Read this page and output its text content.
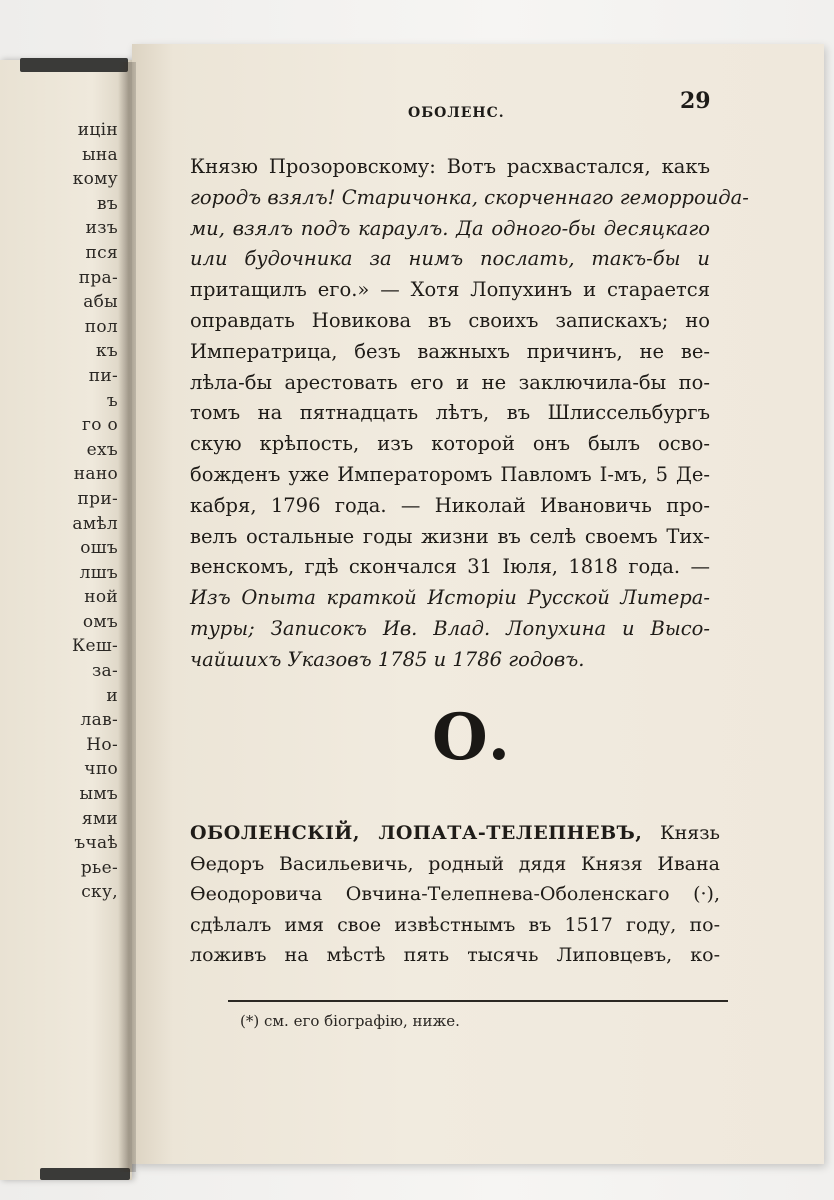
ицін
ына
кому
въ
изъ
пся
пра-
абы
пол
къ
пи-
ъ
го о
ехъ
нано
при-
амѣл
ошъ
лшъ
ной
омъ
Кеш-
за-
и
лав-
Но-
чпо
ымъ
ями
ъчаѣ
рье-
ску,
ОБОЛЕНС.	29
Князю Прозоровскому: Вотъ расхвастался, какъ
городъ взялъ! Старичонка, скорченнаго геморроида-
ми, взялъ подъ караулъ. Да одного-бы десяцкаго
или будочника за нимъ послать, такъ-бы и
притащилъ его.» — Хотя Лопухинъ и старается
оправдать Новикова въ своихъ запискахъ; но
Императрица, безъ важныхъ причинъ, не ве-
лѣла-бы арестовать его и не заключила-бы по-
томъ на пятнадцать лѣтъ, въ Шлиссельбургъ
скую крѣпость, изъ которой онъ былъ осво-
божденъ уже Императоромъ Павломъ I-мъ, 5 Де-
кабря, 1796 года. — Николай Ивановичь про-
велъ остальные годы жизни въ селѣ своемъ Тих-
венскомъ, гдѣ скончался 31 Іюля, 1818 года. —
Изъ Опыта краткой Исторіи Русской Литера-
туры; Записокъ Ив. Влад. Лопухина и Высо-
чайшихъ Указовъ 1785 и 1786 годовъ.
О.
ОБОЛЕНСКІЙ, ЛОПАТА-ТЕЛЕПНЕВЪ, Князь
Ѳедоръ Васильевичь, родный дядя Князя Ивана
Ѳеодоровича Овчина-Телепнева-Оболенскаго (·),
сдѣлалъ имя свое извѣстнымъ въ 1517 году, по-
ложивъ на мѣстѣ пять тысячь Липовцевъ, ко-
(*) см. его біографію, ниже.
